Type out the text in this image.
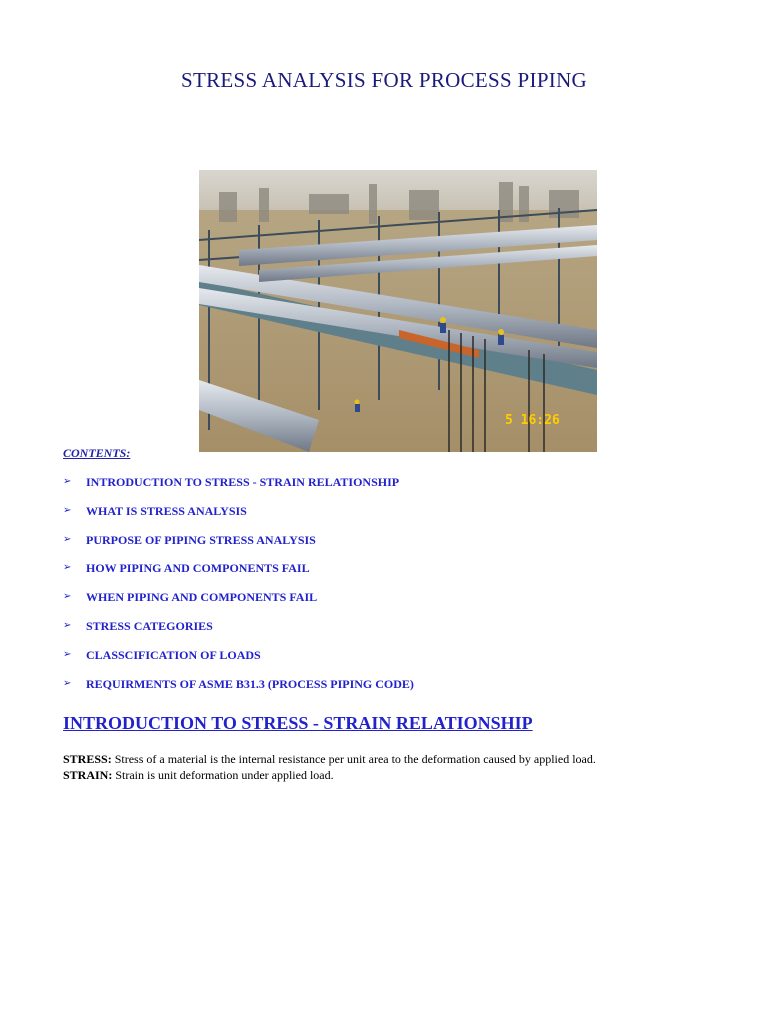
STRESS ANALYSIS FOR PROCESS PIPING
5 16:26
CONTENTS:
➢	INTRODUCTION TO STRESS - STRAIN RELATIONSHIP
➢	WHAT IS STRESS ANALYSIS
➢	PURPOSE OF PIPING STRESS ANALYSIS
➢	HOW PIPING AND COMPONENTS FAIL
➢	WHEN PIPING AND COMPONENTS FAIL
➢	STRESS CATEGORIES
➢	CLASSCIFICATION OF LOADS
➢	REQUIRMENTS OF ASME B31.3 (PROCESS PIPING CODE)
INTRODUCTION TO STRESS - STRAIN RELATIONSHIP
STRESS: Stress of a material is the internal resistance per unit area to the deformation caused by applied load.
STRAIN: Strain is unit deformation under applied load.
